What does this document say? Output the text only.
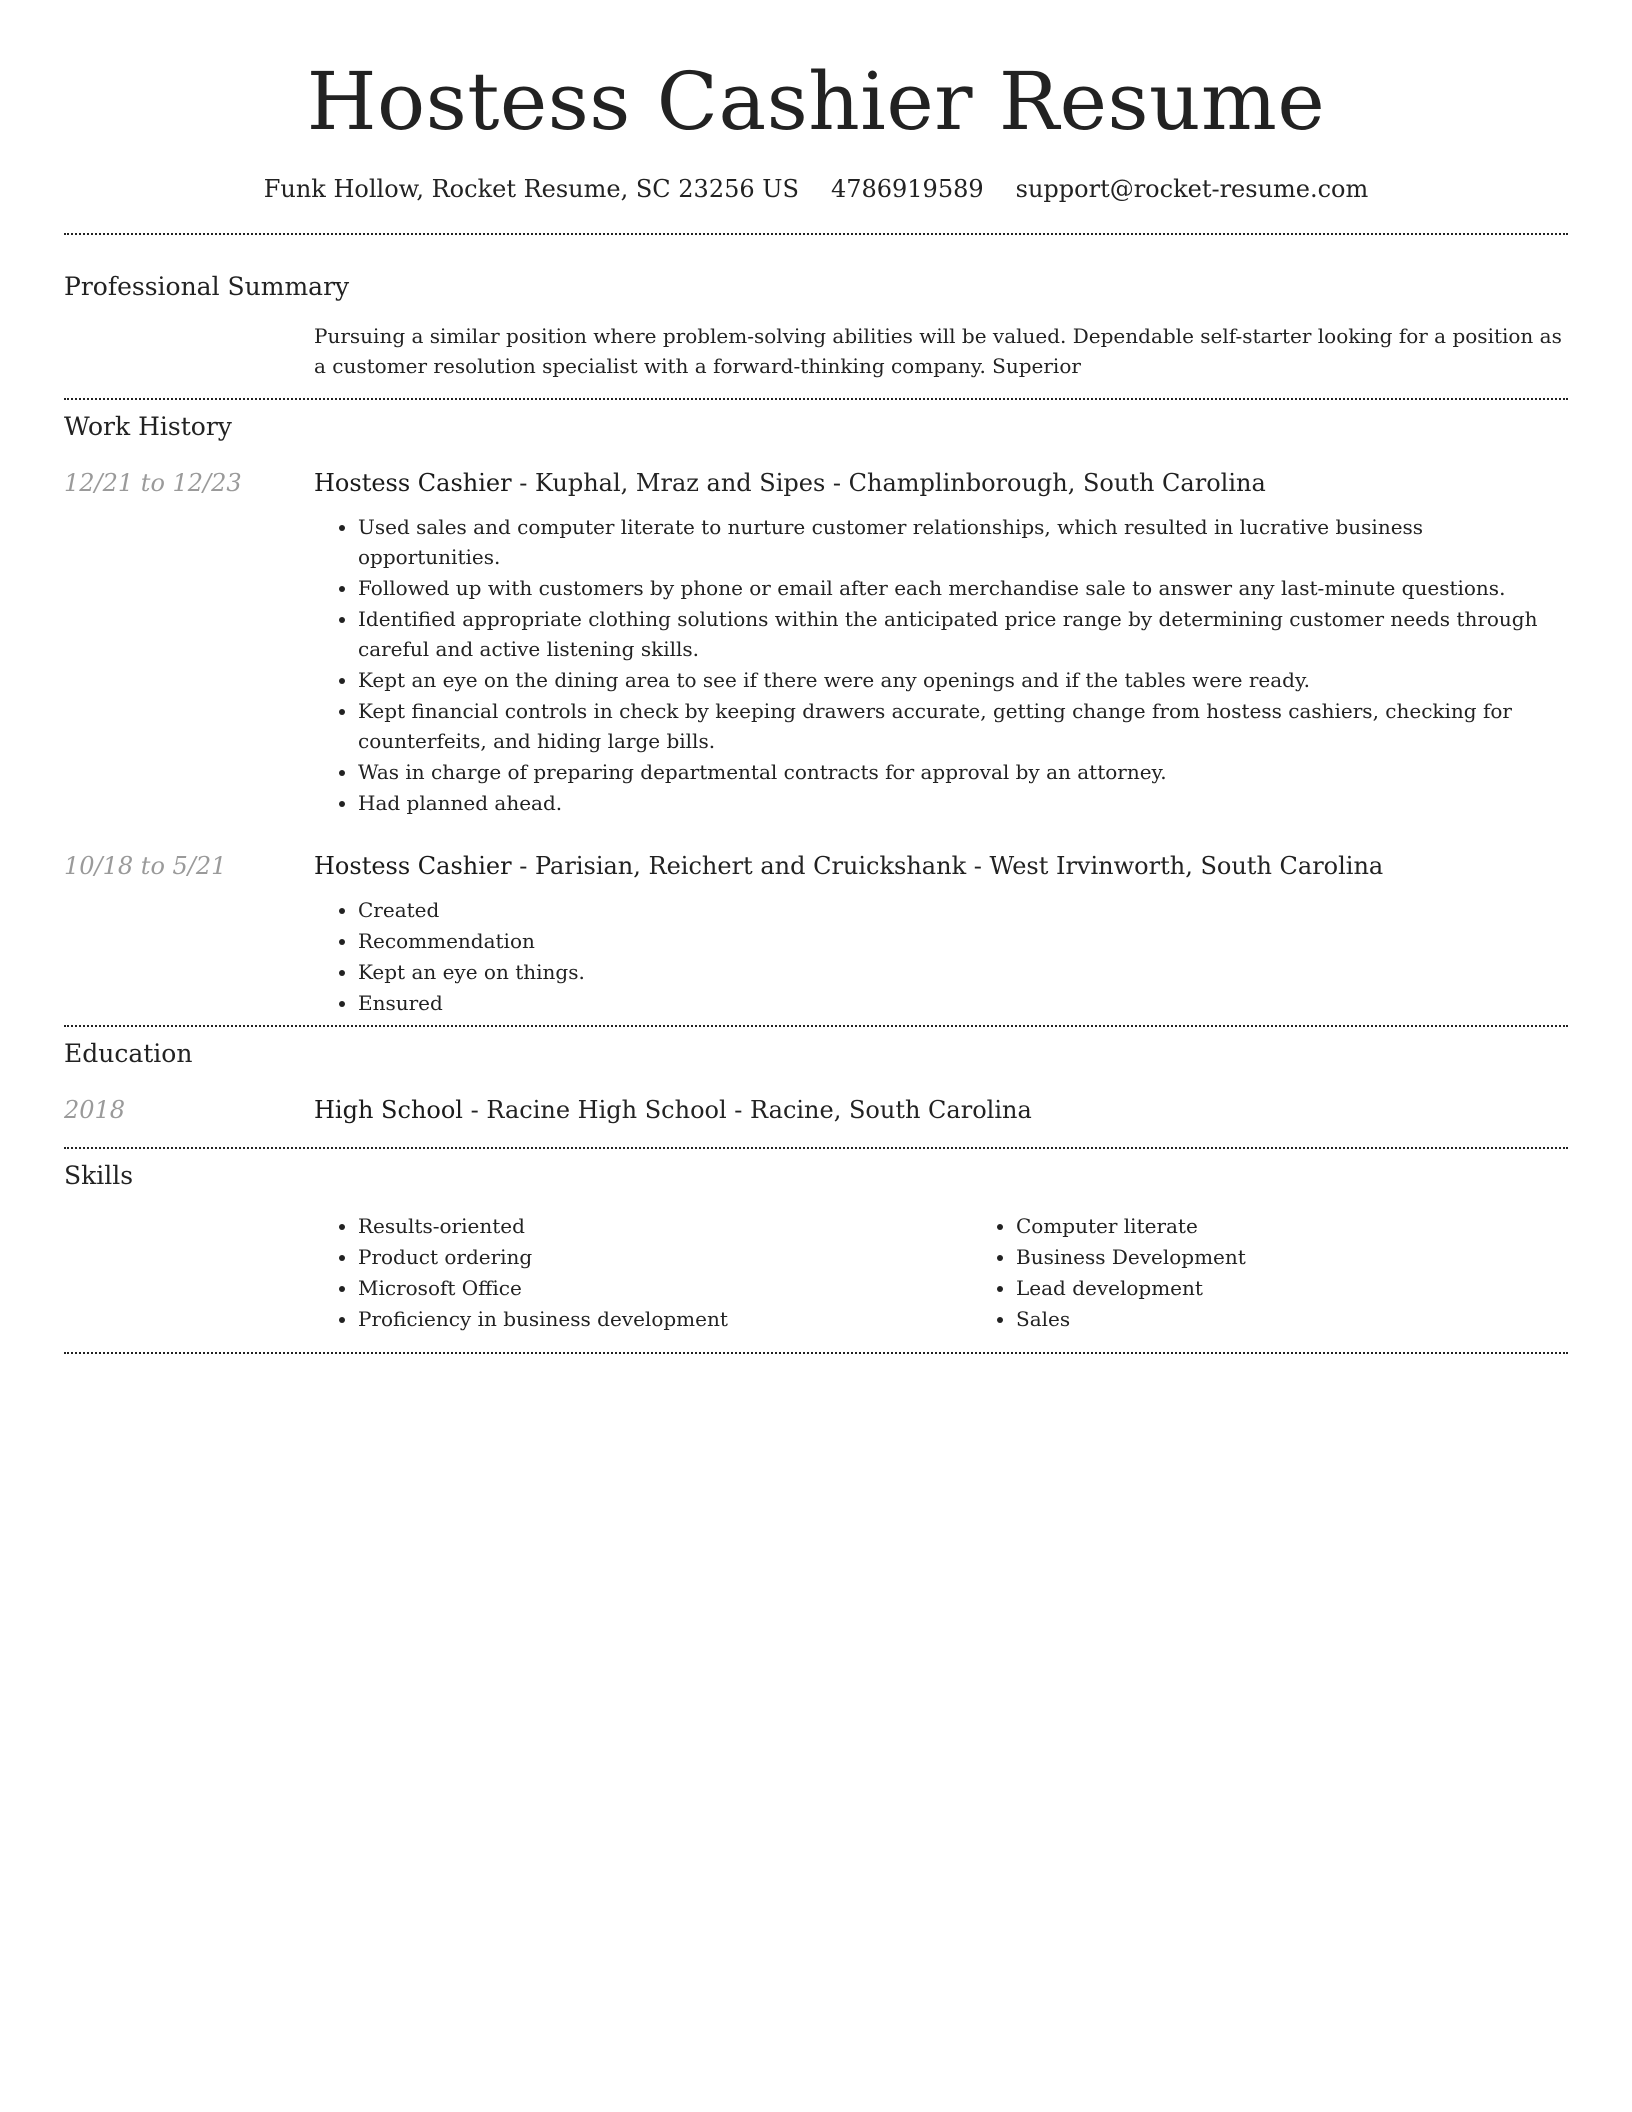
Hostess Cashier Resume
Funk Hollow, Rocket Resume, SC 23256 US 4786919589 support@rocket-resume.com
Professional Summary
Pursuing a similar position where problem-solving abilities will be valued. Dependable self-starter looking for a position as a customer resolution specialist with a forward-thinking company. Superior
Work History
12/21 to 12/23	Hostess Cashier - Kuphal, Mraz and Sipes - Champlinborough, South Carolina
• Used sales and computer literate to nurture customer relationships, which resulted in lucrative business opportunities.
• Followed up with customers by phone or email after each merchandise sale to answer any last-minute questions.
• Identified appropriate clothing solutions within the anticipated price range by determining customer needs through careful and active listening skills.
• Kept an eye on the dining area to see if there were any openings and if the tables were ready.
• Kept financial controls in check by keeping drawers accurate, getting change from hostess cashiers, checking for counterfeits, and hiding large bills.
• Was in charge of preparing departmental contracts for approval by an attorney.
• Had planned ahead.
10/18 to 5/21	Hostess Cashier - Parisian, Reichert and Cruickshank - West Irvinworth, South Carolina
• Created
• Recommendation
• Kept an eye on things.
• Ensured
Education
2018	High School - Racine High School - Racine, South Carolina
Skills
• Results-oriented
• Product ordering
• Microsoft Office
• Proficiency in business development
• Computer literate
• Business Development
• Lead development
• Sales
